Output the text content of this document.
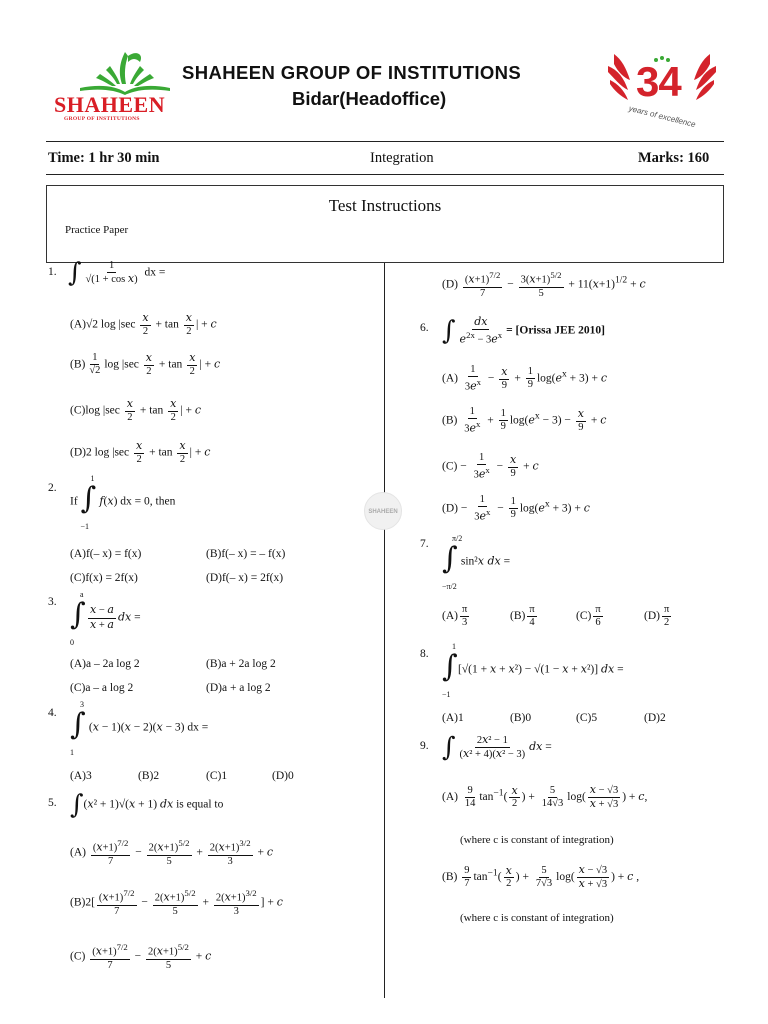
SHAHEEN
GROUP OF INSTITUTIONS
SHAHEEN GROUP OF INSTITUTIONS
Bidar(Headoffice)	34
years of excellence
Time: 1 hr 30 min	Integration	Marks: 160
Test Instructions
Practice Paper
SHAHEEN
1. ∫ $\frac{1}{\text{√(1 + cos x)}}$ dx =
(A)√2 $\log |\sec \frac{x}{2} + \tan \frac{x}{2}$ | + c
$(B) \frac{1}{√2}$ $\log |\sec \frac{x}{2} + \tan \frac{x}{2}$ | + c
(C)log $|\sec \frac{x}{2} + \tan \frac{x}{2}$ | + c
(D)2 $\log |\sec \frac{x}{2} + \tan \frac{x}{2}$ | + c
2.
If ∫
1
−1
f(x) dx = 0, then
(A)f(– x) = f(x)	(B)f(– x) = – f(x)
(C)f(x) = 2f(x)	(D)f(– x) = 2f(x)
3. ∫
a
0
$\frac{x - a}{x + a}$ dx =
(A)a – 2a log 2	(B)a + 2a log 2
(C)a – a log 2	(D)a + a log 2
4. ∫
3
1
(x − 1)(x − 2)(x − 3) dx =
(A)3	(B)2	(C)1	(D)0
5. ∫(x² + 1)√(x + 1) dx is equal to
$(A) \frac{(x+1)^{7/2}}{7} - \frac{2(x+1)^{5/2}}{5} + \frac{2(x+1)^{3/2}}{3} + c$
$(B)2[ \frac{(x+1)^{7/2}}{7} - \frac{2(x+1)^{5/2}}{5} + \frac{2(x+1)^{3/2}}{3}$ ] + c
$(C) \frac{(x+1)^{7/2}}{7} - \frac{2(x+1)^{5/2}}{5} + c$
$(D) \frac{(x+1)^{7/2}}{7} - \frac{3(x+1)^{5/2}}{5} + 11(x+1)^{1/2} + c$
6. ∫ $\frac{dx}{e^{2x} - 3e^x}$ = [Orissa JEE 2010]
$(A) \frac{1}{3e^x} - \frac{x}{9} + \frac{1}{9} \log(e^x + 3) + c$
$(B) \frac{1}{3e^x} + \frac{1}{9} \log(e^x - 3) - \frac{x}{9} + c$
$(C) - \frac{1}{3e^x} - \frac{x}{9} + c$
$(D) - \frac{1}{3e^x} - \frac{1}{9} \log(e^x + 3) + c$
7. ∫
π/2
−π/2
sin²x dx =
$(A) \frac{\pi}{3}$	$(B) \frac{\pi}{4}$	$(C) \frac{\pi}{6}$	$(D) \frac{\pi}{2}$
8. ∫
1
−1
[√(1 + x + x²) − √(1 − x + x²)] dx =
(A)1	(B)0	(C)5	(D)2
9. ∫ $\frac{\text{2x² − 1}}{\text{(x² + 4)(x² − 3)}}$ dx =
$(A) \frac{9}{14} \tan^{-1}( \frac{x}{2}$ ) + $\frac{5}{14√3} \log( \frac{x - √3}{x + √3}$ ) + c,
(where c is constant of integration)
$(B) \frac{9}{7} \tan^{-1}( \frac{x}{2}$ ) + $\frac{5}{7√3} \log( \frac{x - √3}{x + √3}$ ) + c ,
(where c is constant of integration)
